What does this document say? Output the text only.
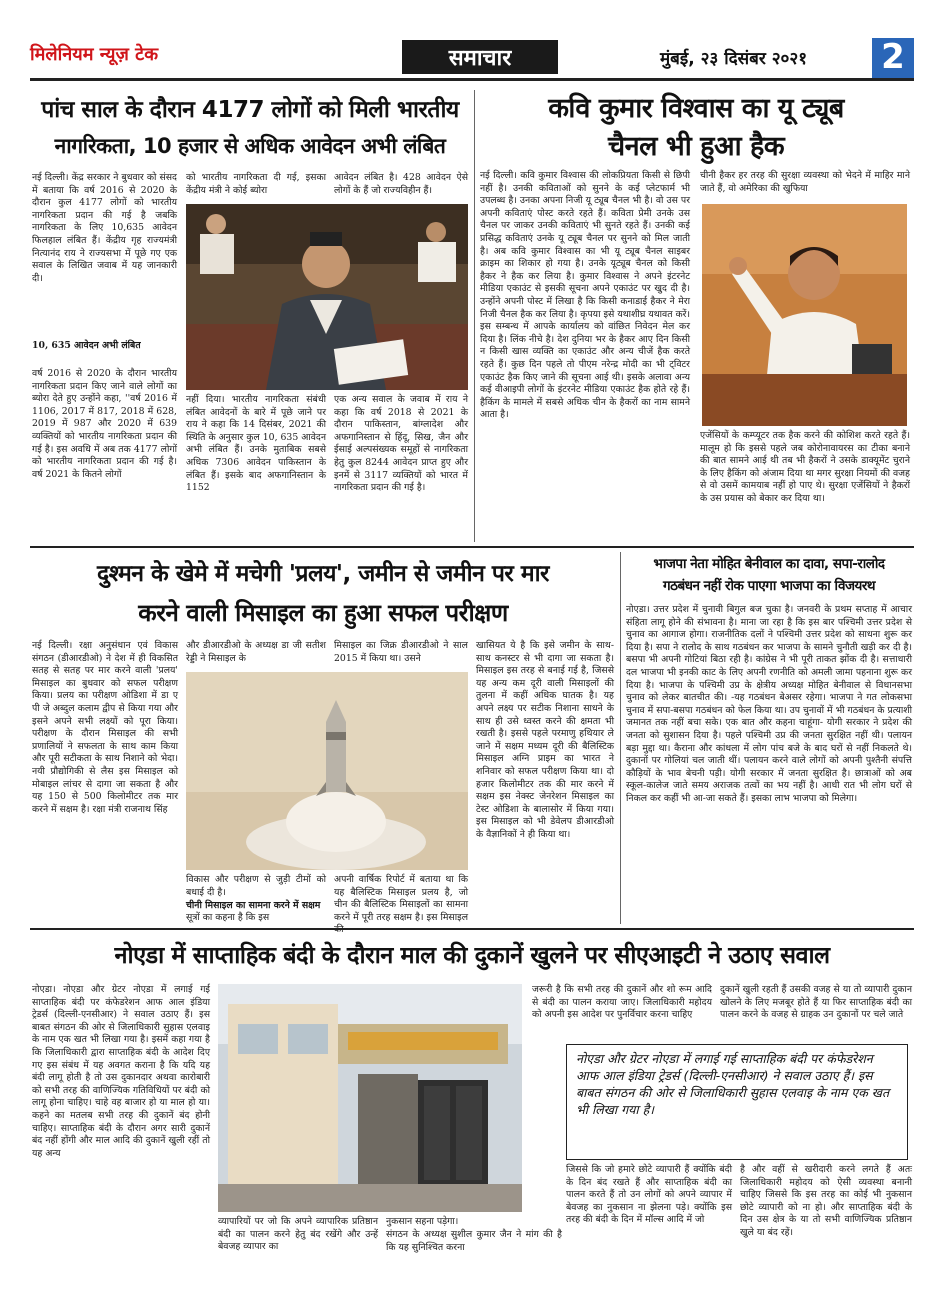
मिलेनियम न्यूज़ टेक	समाचार	मुंबई, २३ दिसंबर २०२१	2
पांच साल के दौरान 4177 लोगों को मिली भारतीय
नागरिकता, 10 हजार से अधिक आवेदन अभी लंबित
नई दिल्ली। केंद्र सरकार ने बुधवार को संसद में बताया कि वर्ष 2016 से 2020 के दौरान कुल 4177 लोगों को भारतीय नागरिकता प्रदान की गई है जबकि नागरिकता के लिए 10,635 आवेदन फिलहाल लंबित हैं। केंद्रीय गृह राज्यमंत्री नित्यानंद राय ने राज्यसभा में पूछे गए एक सवाल के लिखित जवाब में यह जानकारी दी।
10, 635 आवेदन अभी लंबित
वर्ष 2016 से 2020 के दौरान भारतीय नागरिकता प्रदान किए जाने वाले लोगों का ब्योरा देते हुए उन्होंने कहा, ''वर्ष 2016 में 1106, 2017 में 817, 2018 में 628, 2019 में 987 और 2020 में 639 व्यक्तियों को भारतीय नागरिकता प्रदान की गई है। इस अवधि में अब तक 4177 लोगों को भारतीय नागरिकता प्रदान की गई है। वर्ष 2021 के कितने लोगों
को भारतीय नागरिकता दी गई, इसका केंद्रीय मंत्री ने कोई ब्योरा
आवेदन लंबित है। 428 आवेदन ऐसे लोगों के हैं जो राज्यविहीन हैं।
नहीं दिया। भारतीय नागरिकता संबंधी लंबित आवेदनों के बारे में पूछे जाने पर राय ने कहा कि 14 दिसंबर, 2021 की स्थिति के अनुसार कुल 10, 635 आवेदन अभी लंबित हैं। उनके मुताबिक सबसे अधिक 7306 आवेदन पाकिस्तान के लंबित हैं। इसके बाद अफगानिस्तान के 1152
एक अन्य सवाल के जवाब में राय ने कहा कि वर्ष 2018 से 2021 के दौरान पाकिस्तान, बांग्लादेश और अफगानिस्तान से हिंदू, सिख, जैन और ईसाई अल्पसंख्यक समूहों से नागरिकता हेतु कुल 8244 आवेदन प्राप्त हुए और इनमें से 3117 व्यक्तियों को भारत में नागरिकता प्रदान की गई है।
कवि कुमार विश्वास का यू ट्यूब
चैनल भी हुआ हैक
नई दिल्ली। कवि कुमार विश्वास की लोकप्रियता किसी से छिपी नहीं है। उनकी कविताओं को सुनने के कई प्लेटफार्म भी उपलब्ध है। उनका अपना निजी यू ट्यूब चैनल भी है। वो उस पर अपनी कविताएं पोस्ट करते रहते हैं। कविता प्रेमी उनके उस चैनल पर जाकर उनकी कविताएं भी सुनते रहते हैं। उनकी कई प्रसिद्ध कविताएं उनके यू ट्यूब चैनल पर सुनने को मिल जाती है। अब कवि कुमार विश्वास का भी यू ट्यूब चैनल साइबर क्राइम का शिकार हो गया है। उनके यूट्यूब चैनल को किसी हैकर ने हैक कर लिया है। कुमार विश्वास ने अपने इंटरनेट मीडिया एकाउंट से इसकी सूचना अपने एकाउंट पर खुद दी है। उन्होंने अपनी पोस्ट में लिखा है कि किसी कनाडाई हैकर ने मेरा निजी चैनल हैक कर लिया है। कृपया इसे यथाशीघ्र यथावत करें। इस सम्बन्ध में आपके कार्यालय को वांछित निवेदन मेल कर दिया है। लिंक नीचे है। देश दुनिया भर के हैकर आए दिन किसी न किसी खास व्यक्ति का एकाउंट और अन्य चीजें हैक करते रहते हैं। कुछ दिन पहले तो पीएम नरेन्द्र मोदी का भी ट्विटर एकाउंट हैक किए जाने की सूचना आई थी। इसके अलावा अन्य कई वीआइपी लोगों के इंटरनेट मीडिया एकाउंट हैक होते रहे हैं। हैकिंग के मामले में सबसे अधिक चीन के हैकरों का नाम सामने आता है।
चीनी हैकर हर तरह की सुरक्षा व्यवस्था को भेदने में माहिर माने जाते हैं, वो अमेरिका की खुफिया
एजेंसियों के कम्प्यूटर तक हैक करने की कोशिश करते रहते हैं। मालूम हो कि इससे पहले जब कोरोनावायरस का टीका बनाने की बात सामने आई थी तब भी हैकरों ने उसके डाक्यूमेंट चुराने के लिए हैकिंग को अंजाम दिया था मगर सुरक्षा नियमों की वजह से वो उसमें कामयाब नहीं हो पाए थे। सुरक्षा एजेंसियों ने हैकरों के उस प्रयास को बेकार कर दिया था।
दुश्मन के खेमे में मचेगी 'प्रलय', जमीन से जमीन पर मार
करने वाली मिसाइल का हुआ सफल परीक्षण
नई दिल्ली। रक्षा अनुसंधान एवं विकास संगठन (डीआरडीओ) ने देश में ही विकसित सतह से सतह पर मार करने वाली 'प्रलय' मिसाइल का बुधवार को सफल परीक्षण किया। प्रलय का परीक्षण ओडिशा में डा ए पी जे अब्दुल कलाम द्वीप से किया गया और इसने अपने सभी लक्ष्यों को पूरा किया। परीक्षण के दौरान मिसाइल की सभी प्रणालियों ने सफलता के साथ काम किया और पूरी सटीकता के साथ निशाने को भेदा। नयी प्रौद्योगिकी से लैस इस मिसाइल को मोबाइल लांचर से दागा जा सकता है और यह 150 से 500 किलोमीटर तक मार करने में सक्षम है। रक्षा मंत्री राजनाथ सिंह
और डीआरडीओ के अध्यक्ष डा जी सतीश रेड्डी ने मिसाइल के
मिसाइल का जिक्र डीआरडीओ ने साल 2015 में किया था। उसने
विकास और परीक्षण से जुड़ी टीमों को बधाई दी है।
चीनी मिसाइल का सामना करने में सक्षम
सूत्रों का कहना है कि इस
अपनी वार्षिक रिपोर्ट में बताया था कि यह बैलिस्टिक मिसाइल प्रलय है, जो चीन की बैलिस्टिक मिसाइलों का सामना करने में पूरी तरह सक्षम है। इस मिसाइल
खासियत ये है कि इसे जमीन के साथ-साथ कनस्टर से भी दागा जा सकता है। मिसाइल इस तरह से बनाई गई है, जिससे यह अन्य कम दूरी वाली मिसाइलों की तुलना में कहीं अधिक घातक है। यह अपने लक्ष्य पर सटीक निशाना साधने के साथ ही उसे ध्वस्त करने की क्षमता भी रखती है। इससे पहले परमाणु हथियार ले जाने में सक्षम मध्यम दूरी की बैलिस्टिक मिसाइल अग्नि प्राइम का भारत ने शनिवार को सफल परीक्षण किया था। दो हजार किलोमीटर तक की मार करने में सक्षम इस नेक्स्ट जेनरेशन मिसाइल का टेस्ट ओडिशा के बालासोर में किया गया। इस मिसाइल को भी डेवेलप डीआरडीओ के वैज्ञानिकों ने ही किया था।
भाजपा नेता मोहित बेनीवाल का दावा, सपा-रालोद
गठबंधन नहीं रोक पाएगा भाजपा का विजयरथ
नोएडा। उत्तर प्रदेश में चुनावी बिगुल बज चुका है। जनवरी के प्रथम सप्ताह में आचार संहिता लागू होने की संभावना है। माना जा रहा है कि इस बार पश्चिमी उत्तर प्रदेश से चुनाव का आगाज होगा। राजनीतिक दलों ने पश्चिमी उत्तर प्रदेश को साधना शुरू कर दिया है। सपा ने रालोद के साथ गठबंधन कर भाजपा के सामने चुनौती खड़ी कर दी है। बसपा भी अपनी गोटियां बिठा रही है। कांग्रेस ने भी पूरी ताकत झोंक दी है। सत्ताधारी दल भाजपा भी इनकी काट के लिए अपनी रणनीति को अमली जामा पहनाना शुरू कर दिया है। भाजपा के पश्चिमी उप्र के क्षेत्रीय अध्यक्ष मोहित बेनीवाल से विधानसभा चुनाव को लेकर बातचीत की। -यह गठबंधन बेअसर रहेगा। भाजपा ने गत लोकसभा चुनाव में सपा-बसपा गठबंधन को फेल किया था। उप चुनावों में भी गठबंधन के प्रत्याशी जमानत तक नहीं बचा सके। एक बात और कहना चाहूंगा- योगी सरकार ने प्रदेश की जनता को सुशासन दिया है। पहले पश्चिमी उप्र की जनता सुरक्षित नहीं थी। पलायन बड़ा मुद्दा था। कैराना और कांधला में लोग पांच बजे के बाद घरों से नहीं निकलते थे। दुकानों पर गोलियां चल जाती थीं। पलायन करने वाले लोगों को अपनी पुश्तैनी संपत्ति कौड़ियों के भाव बेचनी पड़ी। योगी सरकार में जनता सुरक्षित है। छात्राओं को अब स्कूल-कालेज जाते समय अराजक तत्वों का भय नहीं है। आधी रात भी लोग घरों से निकल कर कहीं भी आ-जा सकते हैं। इसका लाभ भाजपा को मिलेगा।
नोएडा में साप्ताहिक बंदी के दौरान माल की दुकानें खुलने पर सीएआइटी ने उठाए सवाल
नोएडा। नोएडा और ग्रेटर नोएडा में लगाई गई साप्ताहिक बंदी पर कंफेडरेशन आफ आल इंडिया ट्रेडर्स (दिल्ली-एनसीआर) ने सवाल उठाए हैं। इस बाबत संगठन की ओर से जिलाधिकारी सुहास एलवाइ के नाम एक खत भी लिखा गया है। इसमें कहा गया है कि जिलाधिकारी द्वारा साप्ताहिक बंदी के आदेश दिए गए इस संबंध में यह अवगत कराना है कि यदि यह बंदी लागू होती है तो उस दुकानदार अथवा कारोबारी को सभी तरह की वाणिज्यिक गतिविधियों पर बंदी को लागू होना चाहिए। चाहे वह बाजार हो या माल हो या। कहने का मतलब सभी तरह की दुकानें बंद होनी चाहिए। साप्ताहिक बंदी के दौरान अगर सारी दुकानें बंद नहीं होंगी और माल आदि की दुकानें खुली रहीं तो यह अन्य
व्यापारियों पर जो कि अपने व्यापारिक प्रतिष्ठान बंदी का पालन करने हेतु बंद रखेंगे और उन्हें बेवजह व्यापार का
नुकसान सहना पड़ेगा।
संगठन के अध्यक्ष सुशील कुमार जैन ने मांग की है कि यह सुनिश्चित करना
जरूरी है कि सभी तरह की दुकानें और शो रूम आदि से बंदी का पालन कराया जाए। जिलाधिकारी महोदय को अपनी इस आदेश पर पुनर्विचार करना चाहिए
दुकानें खुली रहती हैं उसकी वजह से या तो व्यापारी दुकान खोलने के लिए मजबूर होते हैं या फिर साप्ताहिक बंदी का पालन करने के वजह से ग्राहक उन दुकानों पर चले जाते
नोएडा और ग्रेटर नोएडा में लगाई गई साप्ताहिक बंदी पर कंफेडरेशन आफ आल इंडिया ट्रेडर्स (दिल्ली-एनसीआर) ने सवाल उठाए हैं। इस बाबत संगठन की ओर से जिलाधिकारी सुहास एलवाइ के नाम एक खत भी लिखा गया है।
जिससे कि जो हमारे छोटे व्यापारी हैं क्योंकि बंदी के दिन बंद रखते हैं और साप्ताहिक बंदी का पालन करते हैं तो उन लोगों को अपने व्यापार में बेवजह का नुकसान ना झेलना पड़े। क्योंकि इस तरह की बंदी के दिन में मॉल्स आदि में जो
है और वहीं से खरीदारी करने लगते हैं अतः जिलाधिकारी महोदय को ऐसी व्यवस्था बनानी चाहिए जिससे कि इस तरह का कोई भी नुकसान छोटे व्यापारी को ना हो। और साप्ताहिक बंदी के दिन उस क्षेत्र के या तो सभी वाणिज्यिक प्रतिष्ठान खुले या बंद रहें।
